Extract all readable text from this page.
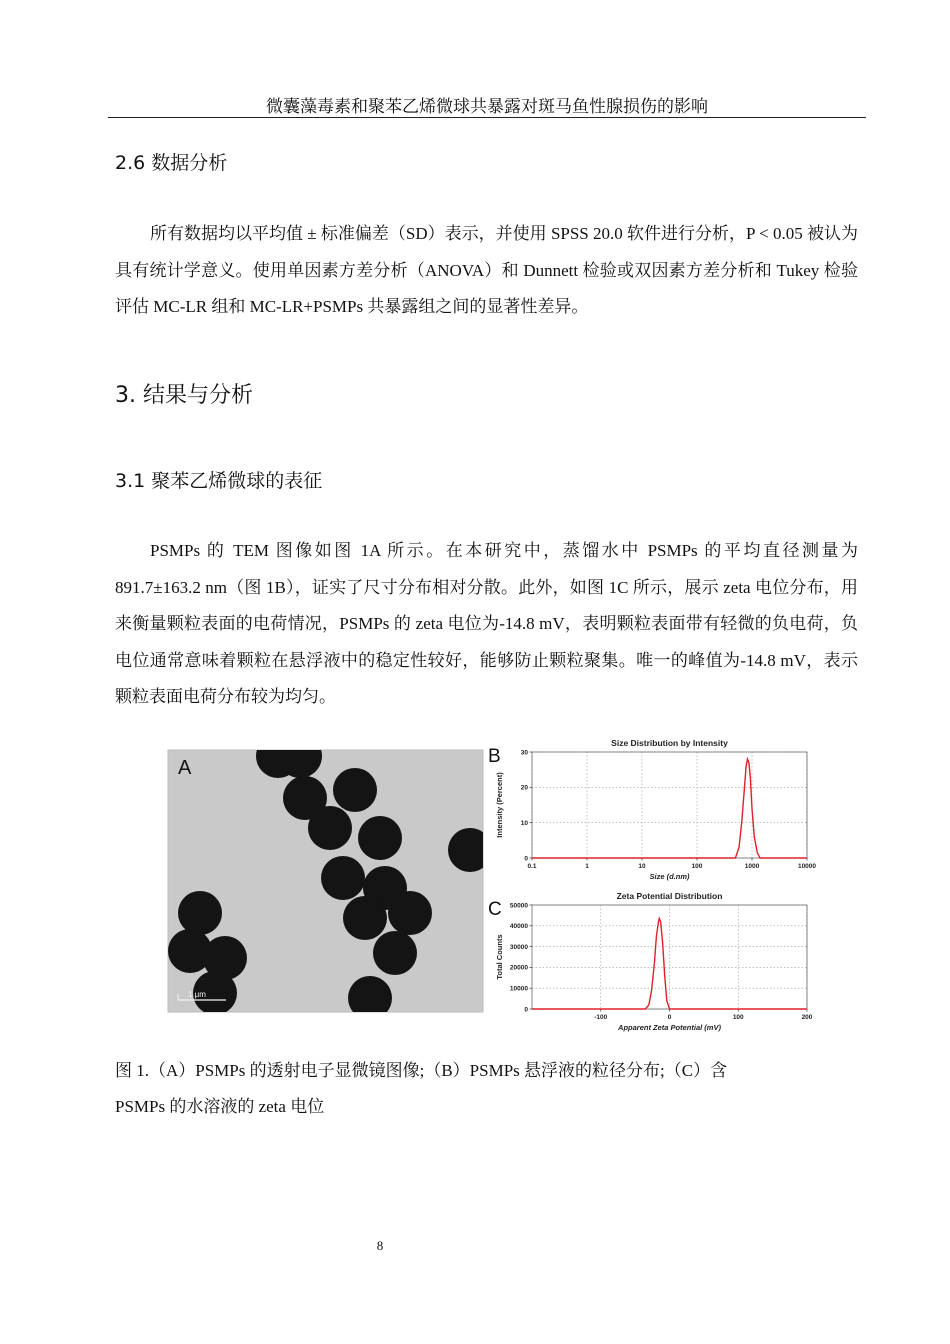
微囊藻毒素和聚苯乙烯微球共暴露对斑马鱼性腺损伤的影响
2.6 数据分析

所有数据均以平均值 ± 标准偏差（SD）表示，并使用 SPSS 20.0 软件进行分析，P < 0.05 被认为具有统计学意义。使用单因素方差分析（ANOVA）和 Dunnett 检验或双因素方差分析和 Tukey 检验评估 MC-LR 组和 MC-LR+PSMPs 共暴露组之间的显著性差异。

3. 结果与分析
3.1 聚苯乙烯微球的表征

PSMPs 的 TEM 图像如图 1A 所示。在本研究中，蒸馏水中 PSMPs 的平均直径测量为 891.7±163.2 nm（图 1B），证实了尺寸分布相对分散。此外，如图 1C 所示，展示 zeta 电位分布，用来衡量颗粒表面的电荷情况，PSMPs 的 zeta 电位为-14.8 mV，表明颗粒表面带有轻微的负电荷，负电位通常意味着颗粒在悬浮液中的稳定性较好，能够防止颗粒聚集。唯一的峰值为-14.8 mV，表示颗粒表面电荷分布较为均匀。

1 μm
A
B
Size Distribution by Intensity
0.1	1	10	100	1000	10000
0
10
20
30
Size (d.nm)
Intensity (Percent)
C
Zeta Potential Distribution
-100	0	100	200
0
10000
20000
30000
40000
50000
Apparent Zeta Potential (mV)
Total Counts

图 1.（A）PSMPs 的透射电子显微镜图像;（B）PSMPs 悬浮液的粒径分布;（C）含

PSMPs 的水溶液的 zeta 电位

8
